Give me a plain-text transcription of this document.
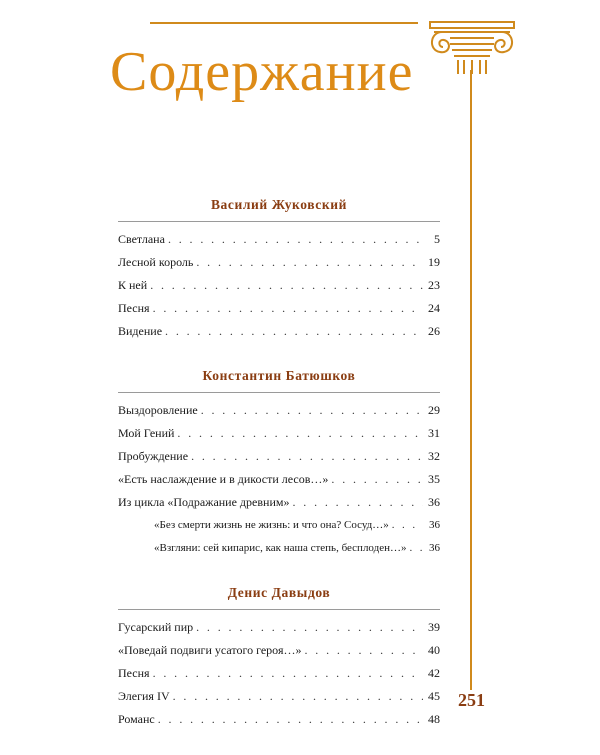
Содержание
Василий Жуковский
Светлана . . .	5
Лесной король . . .	19
К ней . . .	23
Песня . . .	24
Видение . . .	26
Константин Батюшков
Выздоровление . . .	29
Мой Гений . . .	31
Пробуждение . . .	32
«Есть наслаждение и в дикости лесов…» . . .	35
Из цикла «Подражание древним» . . .	36
«Без смерти жизнь не жизнь: и что она? Сосуд…» . . .	36
«Взгляни: сей кипарис, как наша степь, бесплоден…» . . . 36
Денис Давыдов
Гусарский пир . . .	39
«Поведай подвиги усатого героя…» . . .	40
Песня . . .	42
Элегия IV . . .	45
Романс . . .	48
251
